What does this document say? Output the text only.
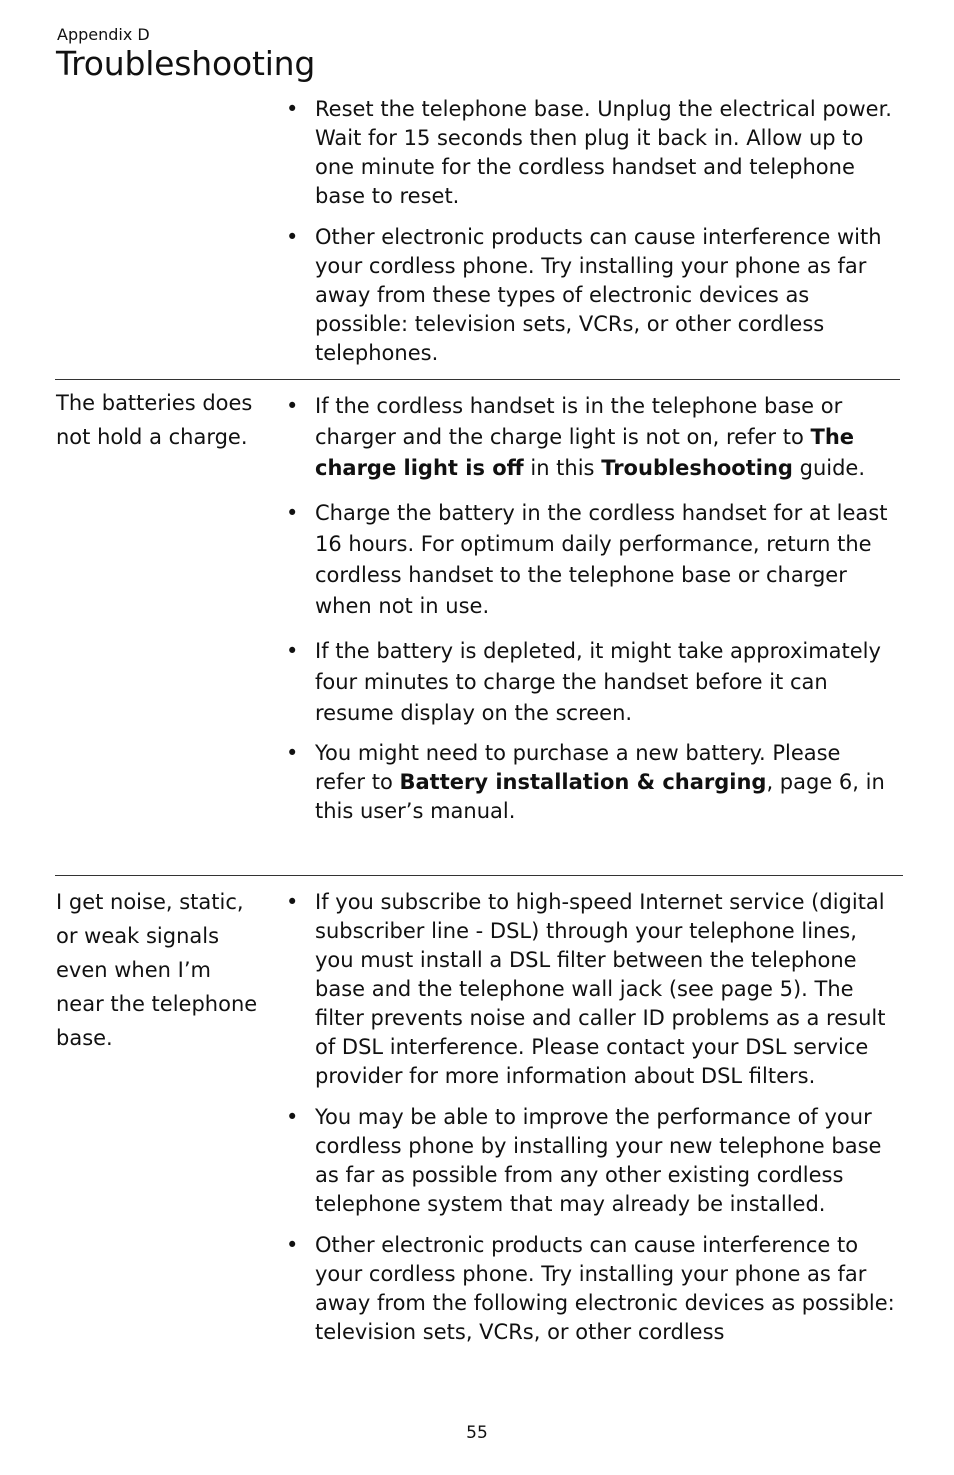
Appendix D
Troubleshooting
• Reset the telephone base. Unplug the electrical power. Wait for 15 seconds then plug it back in. Allow up to one minute for the cordless handset and telephone base to reset.
• Other electronic products can cause interference with your cordless phone. Try installing your phone as far away from these types of electronic devices as possible: television sets, VCRs, or other cordless telephones.
The batteries does not hold a charge.
• If the cordless handset is in the telephone base or charger and the charge light is not on, refer to The charge light is off in this Troubleshooting guide.
• Charge the battery in the cordless handset for at least 16 hours. For optimum daily performance, return the cordless handset to the telephone base or charger when not in use.
• If the battery is depleted, it might take approximately four minutes to charge the handset before it can resume display on the screen.
• You might need to purchase a new battery. Please refer to Battery installation & charging, page 6, in this user’s manual.
I get noise, static, or weak signals even when I’m near the telephone base.
• If you subscribe to high-speed Internet service (digital subscriber line - DSL) through your telephone lines, you must install a DSL filter between the telephone base and the telephone wall jack (see page 5). The filter prevents noise and caller ID problems as a result of DSL interference. Please contact your DSL service provider for more information about DSL filters.
• You may be able to improve the performance of your cordless phone by installing your new telephone base as far as possible from any other existing cordless telephone system that may already be installed.
• Other electronic products can cause interference to your cordless phone. Try installing your phone as far away from the following electronic devices as possible: television sets, VCRs, or other cordless
55
